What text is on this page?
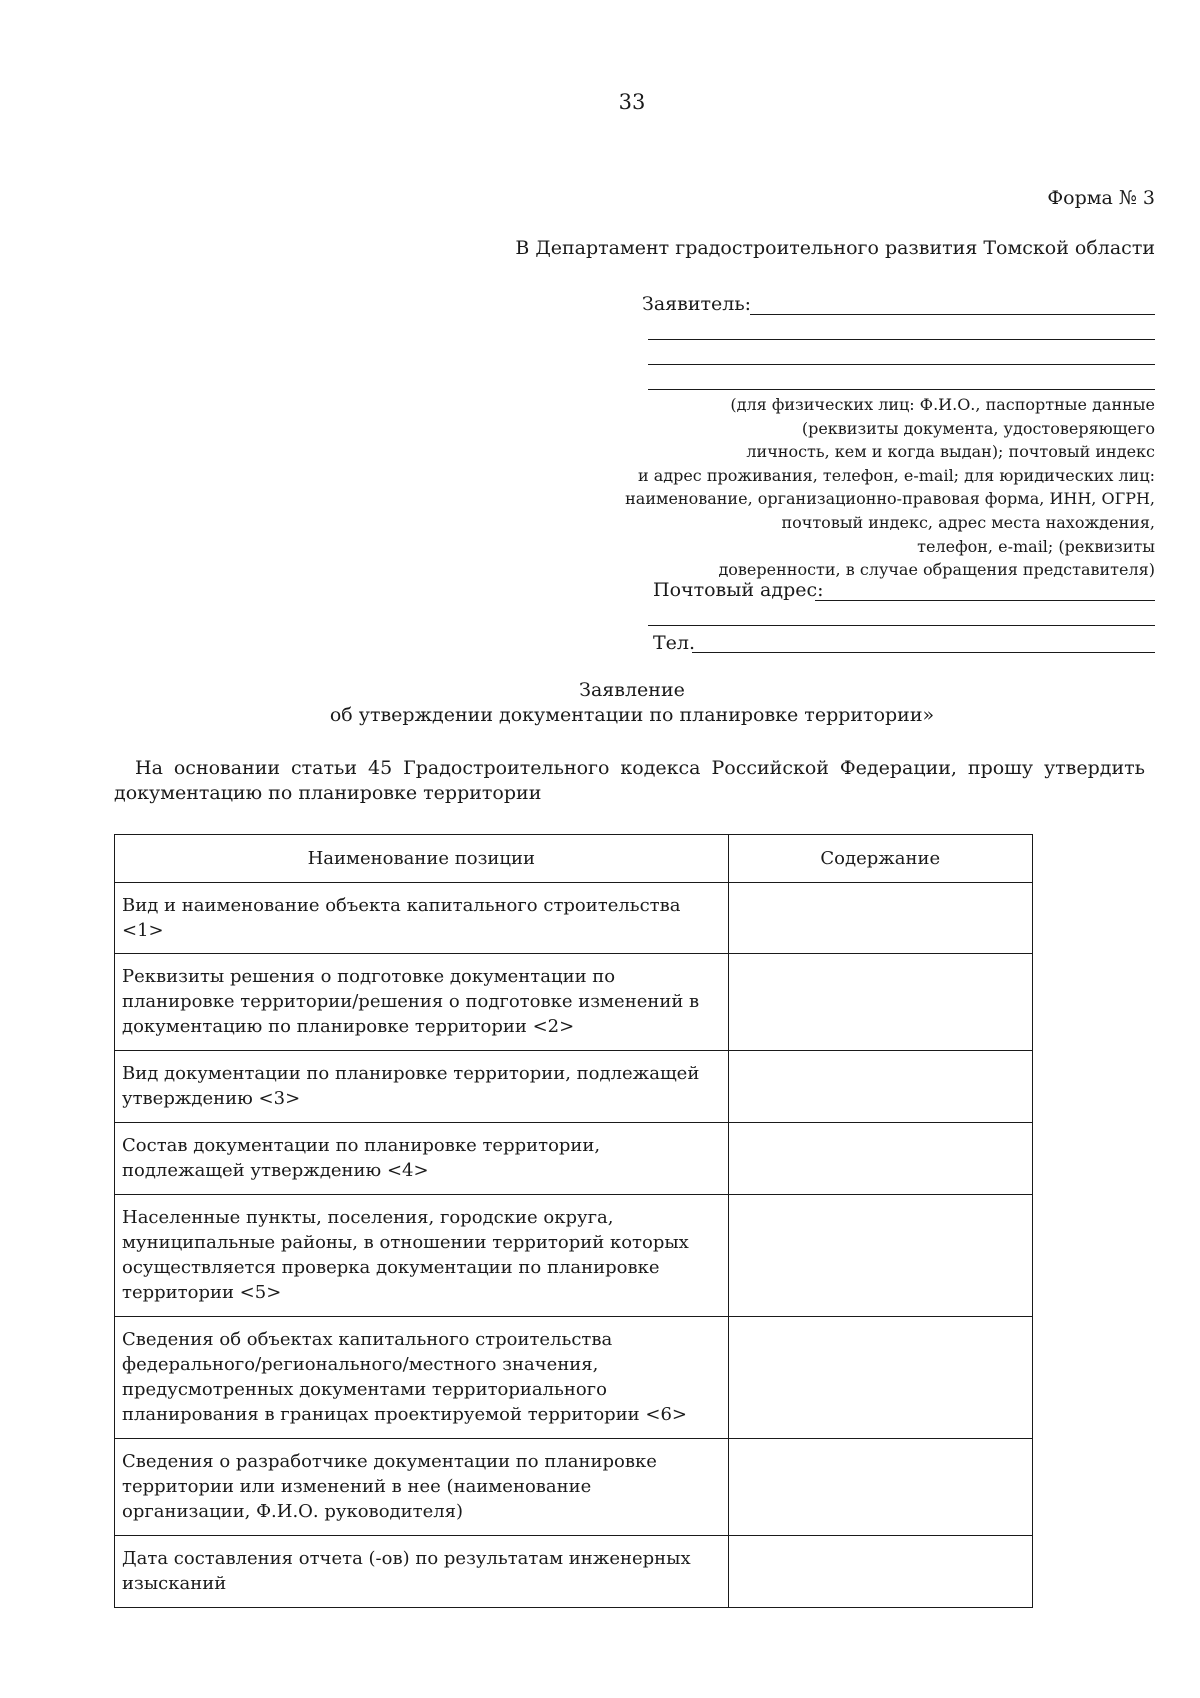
33
Форма № 3
В Департамент градостроительного развития Томской области
Заявитель:
(для физических лиц: Ф.И.О., паспортные данные
(реквизиты документа, удостоверяющего
личность, кем и когда выдан); почтовый индекс
и адрес проживания, телефон, e-mail; для юридических лиц:
наименование, организационно-правовая форма, ИНН, ОГРН,
почтовый индекс, адрес места нахождения,
телефон, e-mail; (реквизиты
доверенности, в случае обращения представителя)
Почтовый адрес:
Тел.
Заявление
об утверждении документации по планировке территории»
На основании статьи 45 Градостроительного кодекса Российской Федерации, прошу утвердить
документацию по планировке территории
Наименование позиции	Содержание
Вид и наименование объекта капитального строительства <1>	
Реквизиты решения о подготовке документации по планировке территории/решения о подготовке изменений в документацию по планировке территории <2>	
Вид документации по планировке территории, подлежащей утверждению <3>	
Состав документации по планировке территории, подлежащей утверждению <4>	
Населенные пункты, поселения, городские округа, муниципальные районы, в отношении территорий которых осуществляется проверка документации по планировке территории <5>	
Сведения об объектах капитального строительства федерального/регионального/местного значения, предусмотренных документами территориального планирования в границах проектируемой территории <6>	
Сведения о разработчике документации по планировке территории или изменений в нее (наименование организации, Ф.И.О. руководителя)	
Дата составления отчета (-ов) по результатам инженерных изысканий	
